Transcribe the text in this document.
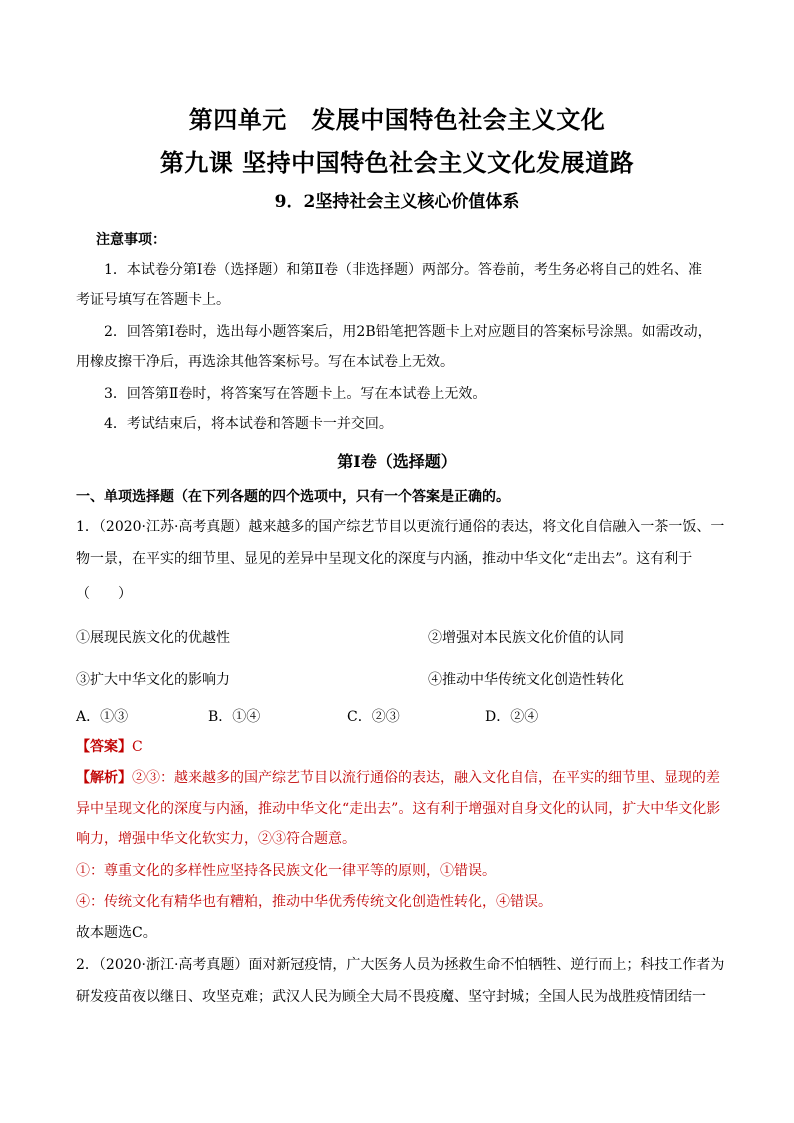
第四单元　发展中国特色社会主义文化
第九课 坚持中国特色社会主义文化发展道路
9．2坚持社会主义核心价值体系
注意事项：
1．本试卷分第Ⅰ卷（选择题）和第Ⅱ卷（非选择题）两部分。答卷前，考生务必将自己的姓名、准
考证号填写在答题卡上。
2．回答第Ⅰ卷时，选出每小题答案后，用2B铅笔把答题卡上对应题目的答案标号涂黑。如需改动，
用橡皮擦干净后，再选涂其他答案标号。写在本试卷上无效。
3．回答第Ⅱ卷时，将答案写在答题卡上。写在本试卷上无效。
4．考试结束后，将本试卷和答题卡一并交回。
第Ⅰ卷（选择题）
一、单项选择题（在下列各题的四个选项中，只有一个答案是正确的。
1．（2020·江苏·高考真题）越来越多的国产综艺节目以更流行通俗的表达，将文化自信融入一茶一饭、一
物一景，在平实的细节里、显见的差异中呈现文化的深度与内涵，推动中华文化“走出去”。这有利于
（　　）
①展现民族文化的优越性	②增强对本民族文化价值的认同
③扩大中华文化的影响力	④推动中华传统文化创造性转化
A．①③	B．①④	C．②③	D．②④
【答案】C
【解析】②③：越来越多的国产综艺节目以流行通俗的表达，融入文化自信，在平实的细节里、显现的差
异中呈现文化的深度与内涵，推动中华文化“走出去”。这有利于增强对自身文化的认同，扩大中华文化影
响力，增强中华文化软实力，②③符合题意。
①：尊重文化的多样性应坚持各民族文化一律平等的原则，①错误。
④：传统文化有精华也有糟粕，推动中华优秀传统文化创造性转化，④错误。
故本题选C。
2．（2020·浙江·高考真题）面对新冠疫情，广大医务人员为拯救生命不怕牺牲、逆行而上；科技工作者为
研发疫苗夜以继日、攻坚克难；武汉人民为顾全大局不畏疫魔、坚守封城；全国人民为战胜疫情团结一
